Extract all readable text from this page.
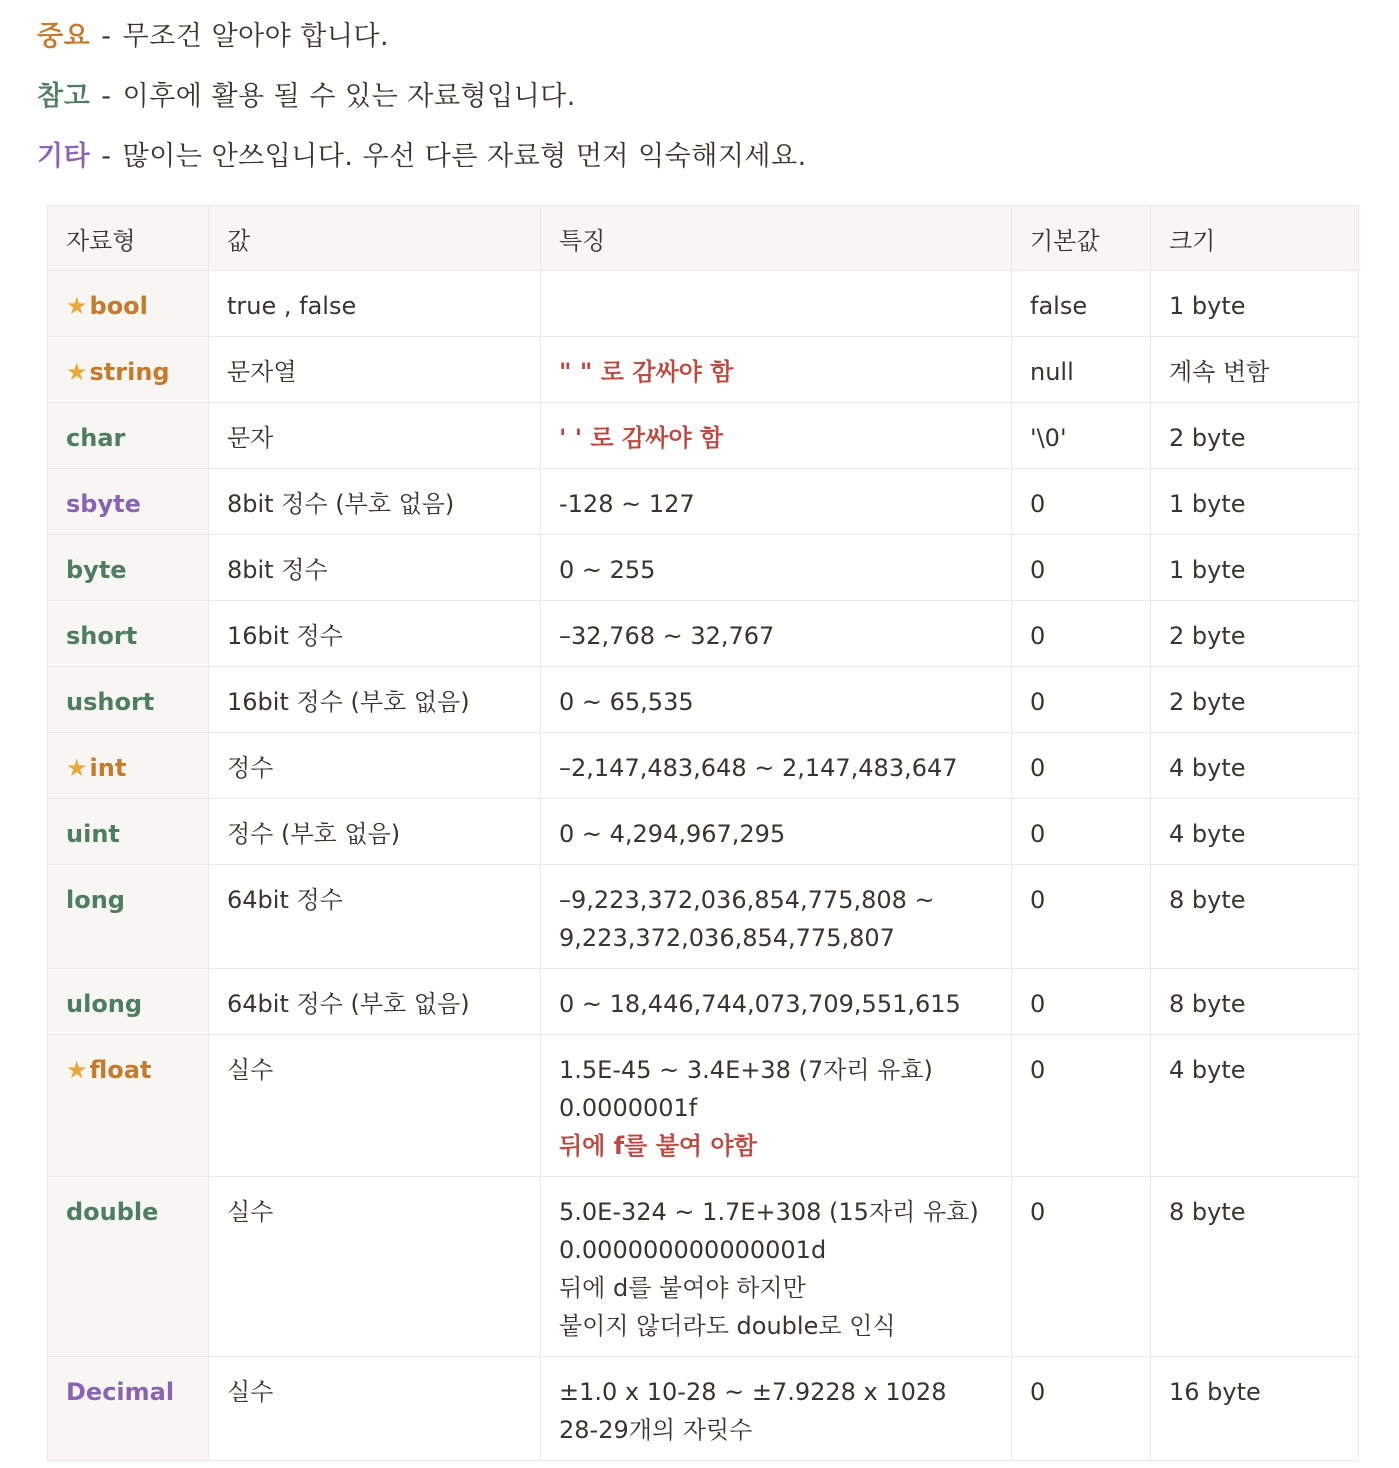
중요 - 무조건 알아야 합니다.
참고 - 이후에 활용 될 수 있는 자료형입니다.
기타 - 많이는 안쓰입니다. 우선 다른 자료형 먼저 익숙해지세요.
자료형	값	특징	기본값	크기
★bool	true , false		false	1 byte
★string	문자열	" " 로 감싸야 함	null	계속 변함
char	문자	' ' 로 감싸야 함	'\0'	2 byte
sbyte	8bit 정수 (부호 없음)	-128 ~ 127	0	1 byte
byte	8bit 정수	0 ~ 255	0	1 byte
short	16bit 정수	–32,768 ~ 32,767	0	2 byte
ushort	16bit 정수 (부호 없음)	0 ~ 65,535	0	2 byte
★int	정수	–2,147,483,648 ~ 2,147,483,647	0	4 byte
uint	정수 (부호 없음)	0 ~ 4,294,967,295	0	4 byte
long	64bit 정수	–9,223,372,036,854,775,808 ~
9,223,372,036,854,775,807	0	8 byte
ulong	64bit 정수 (부호 없음)	0 ~ 18,446,744,073,709,551,615	0	8 byte
★float	실수	1.5E-45 ~ 3.4E+38 (7자리 유효)
0.0000001f
뒤에 f를 붙여 야함	0	4 byte
double	실수	5.0E-324 ~ 1.7E+308 (15자리 유효)
0.000000000000001d
뒤에 d를 붙여야 하지만
붙이지 않더라도 double로 인식	0	8 byte
Decimal	실수	±1.0 x 10-28 ~ ±7.9228 x 1028
28-29개의 자릿수	0	16 byte
